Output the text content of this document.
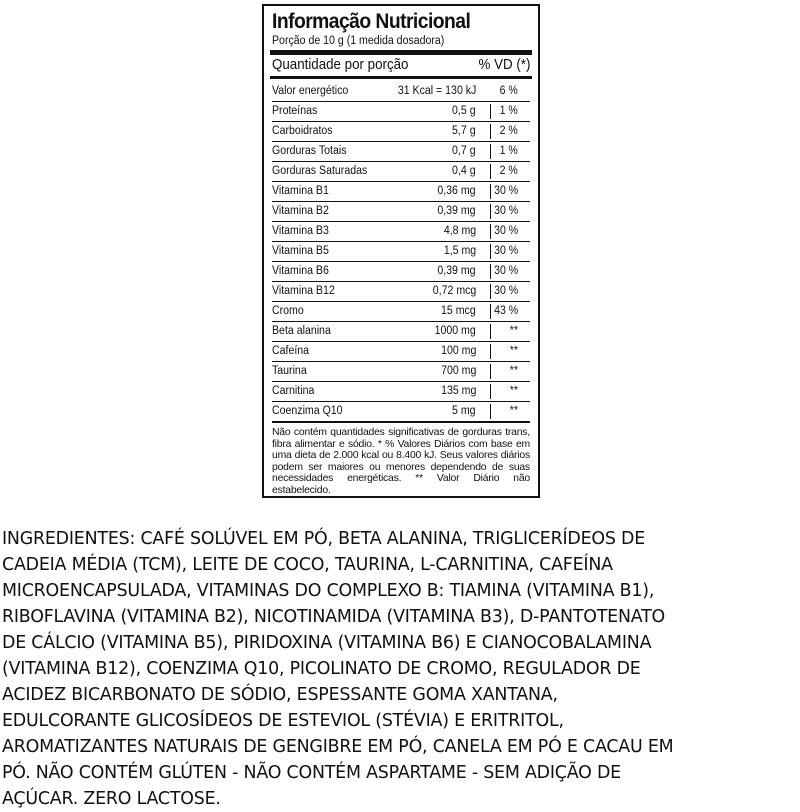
Informação Nutricional
Porção de 10 g (1 medida dosadora)
Quantidade por porção	% VD (*)
Valor energético	31 Kcal = 130 kJ 6 %
Proteínas	0,5 g 1 %
Carboidratos	5,7 g 2 %
Gorduras Totais	0,7 g 1 %
Gorduras Saturadas	0,4 g 2 %
Vitamina B1	0,36 mg 30 %
Vitamina B2	0,39 mg 30 %
Vitamina B3	4,8 mg 30 %
Vitamina B5	1,5 mg 30 %
Vitamina B6	0,39 mg 30 %
Vitamina B12	0,72 mcg 30 %
Cromo	15 mcg 43 %
Beta alanina	1000 mg	**
Cafeína	100 mg	**
Taurina	700 mg	**
Carnitina	135 mg	**
Coenzima Q10	5 mg	**
Não contém quantidades significativas de gorduras trans, fibra alimentar e sódio. * % Valores Diários com base em uma dieta de 2.000 kcal ou 8.400 kJ. Seus valores diários podem ser maiores ou menores dependendo de suas necessidades energéticas. ** Valor Diário não estabelecido.
INGREDIENTES: CAFÉ SOLÚVEL EM PÓ, BETA ALANINA, TRIGLICERÍDEOS DE
CADEIA MÉDIA (TCM), LEITE DE COCO, TAURINA, L-CARNITINA, CAFEÍNA
MICROENCAPSULADA, VITAMINAS DO COMPLEXO B: TIAMINA (VITAMINA B1),
RIBOFLAVINA (VITAMINA B2), NICOTINAMIDA (VITAMINA B3), D-PANTOTENATO
DE CÁLCIO (VITAMINA B5), PIRIDOXINA (VITAMINA B6) E CIANOCOBALAMINA
(VITAMINA B12), COENZIMA Q10, PICOLINATO DE CROMO, REGULADOR DE
ACIDEZ BICARBONATO DE SÓDIO, ESPESSANTE GOMA XANTANA,
EDULCORANTE GLICOSÍDEOS DE ESTEVIOL (STÉVIA) E ERITRITOL,
AROMATIZANTES NATURAIS DE GENGIBRE EM PÓ, CANELA EM PÓ E CACAU EM
PÓ. NÃO CONTÉM GLÚTEN - NÃO CONTÉM ASPARTAME - SEM ADIÇÃO DE
AÇÚCAR. ZERO LACTOSE.
